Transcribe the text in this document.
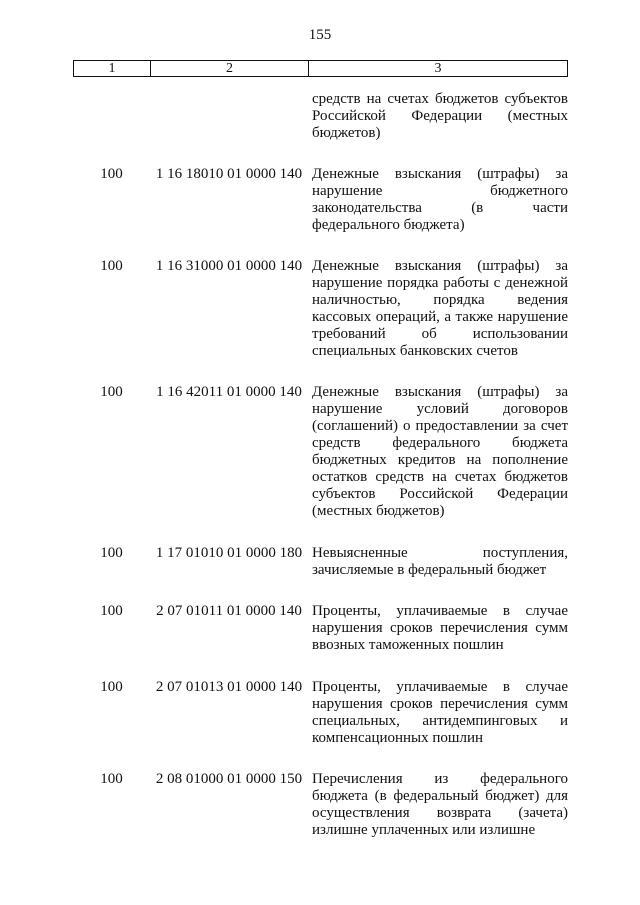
155
1	2	3
средств на счетах бюджетов субъектов Российской Федерации (местных бюджетов)
100	1 16 18010 01 0000 140 Денежные взыскания (штрафы) за нарушение бюджетного законодательства (в части федерального бюджета)
100	1 16 31000 01 0000 140 Денежные взыскания (штрафы) за нарушение порядка работы с денежной наличностью, порядка ведения кассовых операций, а также нарушение требований об использовании специальных банковских счетов
100	1 16 42011 01 0000 140 Денежные взыскания (штрафы) за нарушение условий договоров (соглашений) о предоставлении за счет средств федерального бюджета бюджетных кредитов на пополнение остатков средств на счетах бюджетов субъектов Российской Федерации (местных бюджетов)
100	1 17 01010 01 0000 180 Невыясненные поступления, зачисляемые в федеральный бюджет
100	2 07 01011 01 0000 140 Проценты, уплачиваемые в случае нарушения сроков перечисления сумм ввозных таможенных пошлин
100	2 07 01013 01 0000 140 Проценты, уплачиваемые в случае нарушения сроков перечисления сумм специальных, антидемпинговых и компенсационных пошлин
100	2 08 01000 01 0000 150 Перечисления из федерального бюджета (в федеральный бюджет) для осуществления возврата (зачета) излишне уплаченных или излишне
